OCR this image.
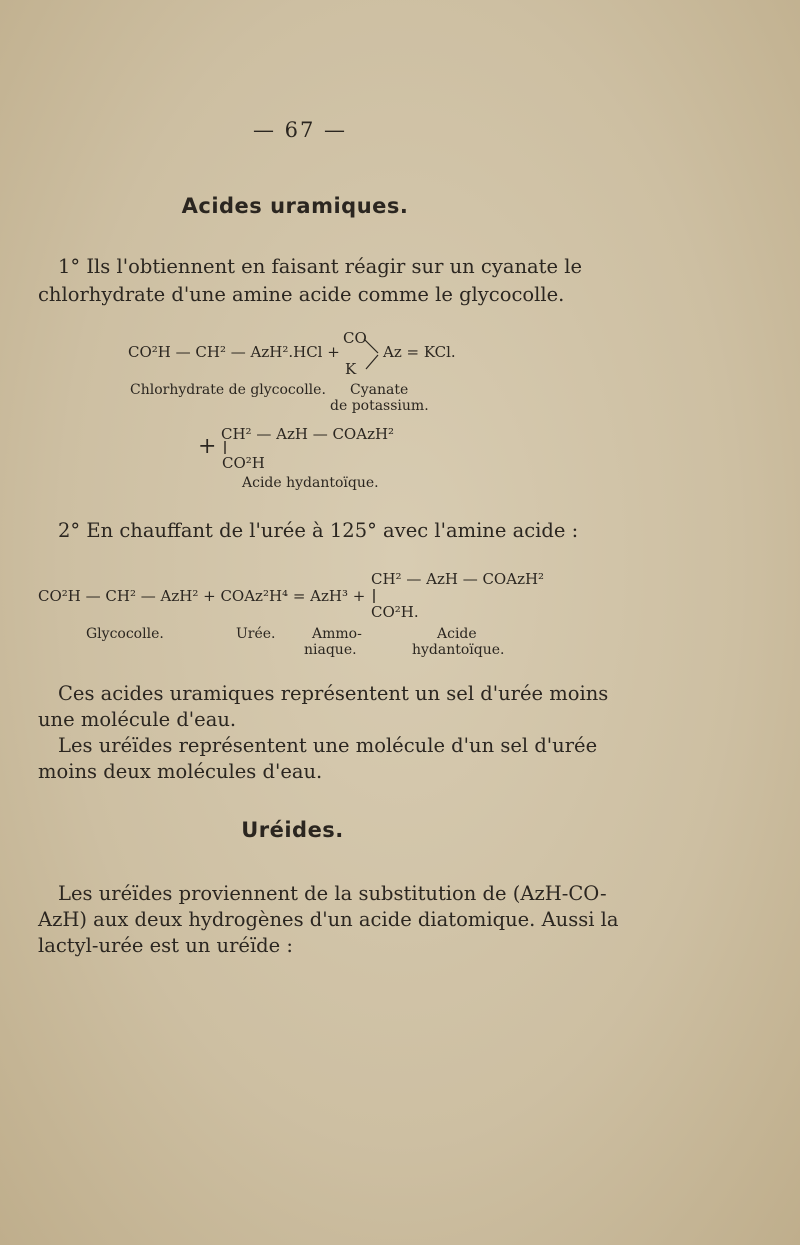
— 67 —
Acides uramiques.
1° Ils l'obtiennent en faisant réagir sur un cyanate le
chlorhydrate d'une amine acide comme le glycocolle.
CO²H — CH² — AzH².HCl +
CO
K
Az = KCl.
Chlorhydrate de glycocolle. Cyanate
de potassium.
CH² — AzH — COAzH²
+
CO²H
Acide hydantoïque.
2° En chauffant de l'urée à 125° avec l'amine acide :
CH² — AzH — COAzH²
CO²H — CH² — AzH² + COAz²H⁴ = AzH³ +
CO²H.
Glycocolle.	Urée.	Ammo-
niaque.
Acide
hydantoïque.
Ces acides uramiques représentent un sel d'urée moins
une molécule d'eau.
Les uréïdes représentent une molécule d'un sel d'urée
moins deux molécules d'eau.
Uréides.
Les uréïdes proviennent de la substitution de (AzH-CO-
AzH) aux deux hydrogènes d'un acide diatomique. Aussi la
lactyl-urée est un uréïde :
